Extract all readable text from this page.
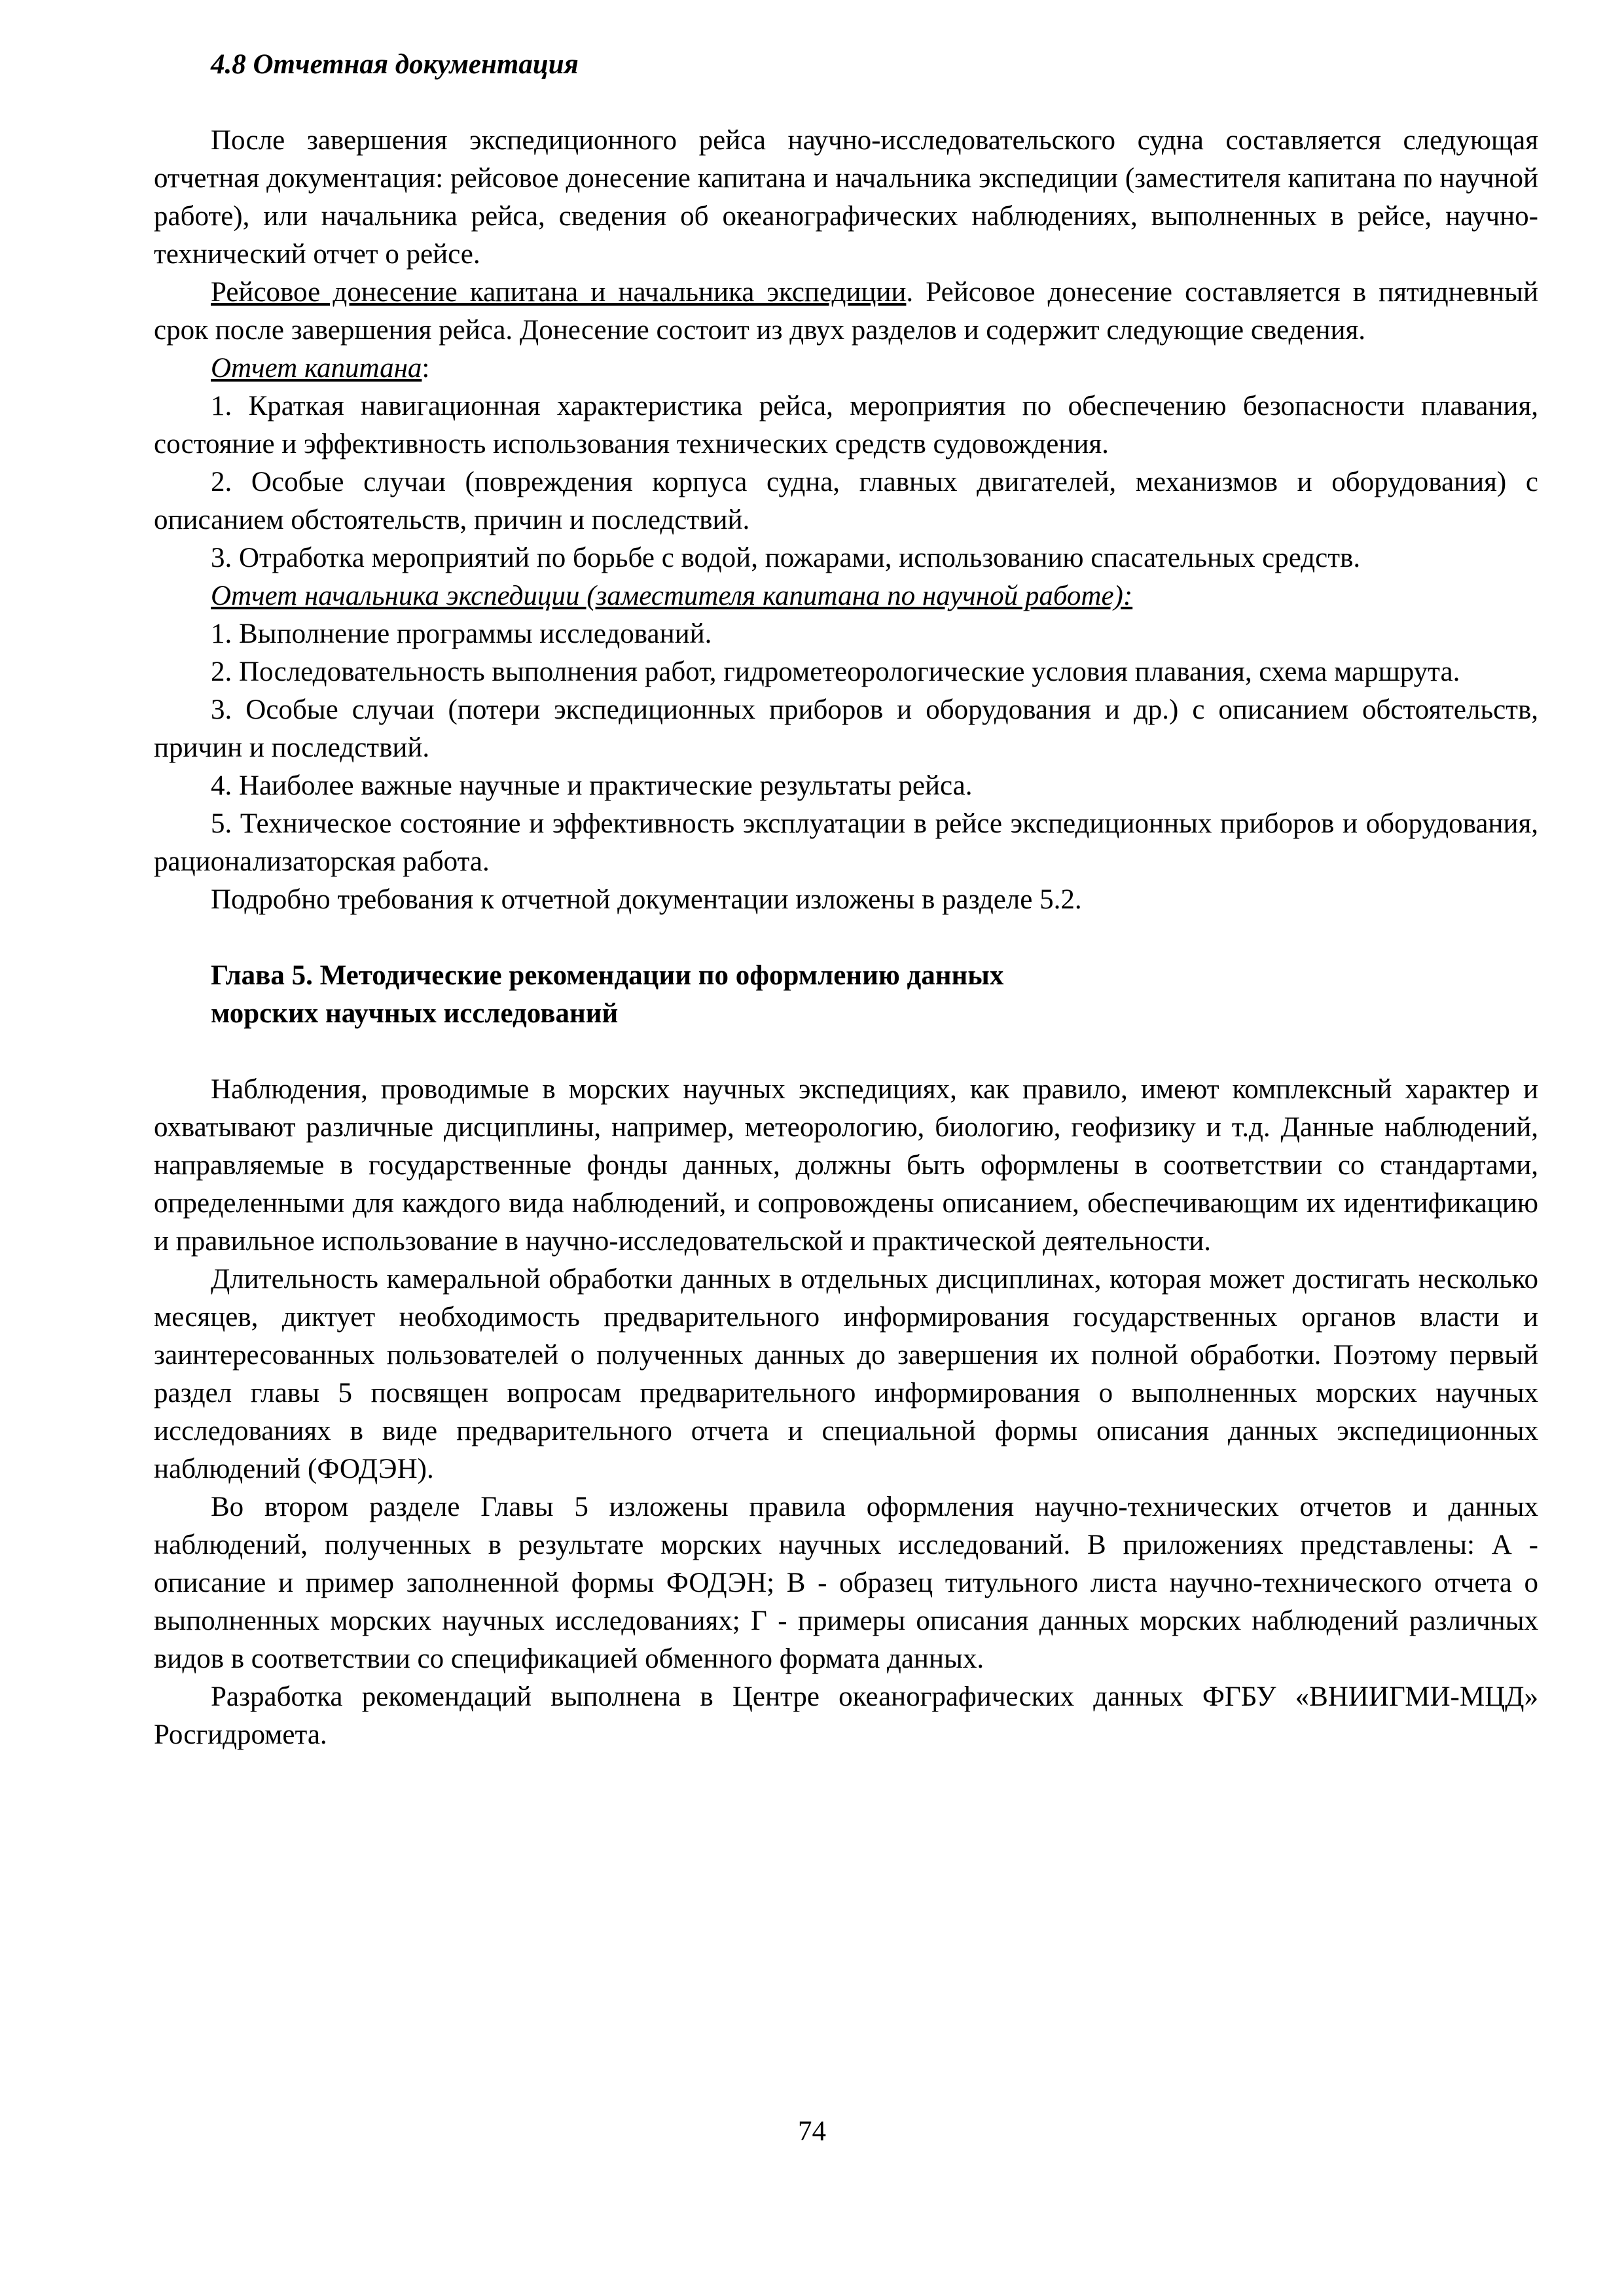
4.8 Отчетная документация

После завершения экспедиционного рейса научно-исследовательского судна составляется следующая отчетная документация: рейсовое донесение капитана и начальника экспедиции (заместителя капитана по научной работе), или начальника рейса, сведения об океанографических наблюдениях, выполненных в рейсе, научно-технический отчет о рейсе.

Рейсовое донесение капитана и начальника экспедиции. Рейсовое донесение составляется в пятидневный срок после завершения рейса. Донесение состоит из двух разделов и содержит следующие сведения.

Отчет капитана:

1. Краткая навигационная характеристика рейса, мероприятия по обеспечению безопасности плавания, состояние и эффективность использования технических средств судовождения.

2. Особые случаи (повреждения корпуса судна, главных двигателей, механизмов и оборудования) с описанием обстоятельств, причин и последствий.

3. Отработка мероприятий по борьбе с водой, пожарами, использованию спасательных средств.

Отчет начальника экспедиции (заместителя капитана по научной работе):

1. Выполнение программы исследований.

2. Последовательность выполнения работ, гидрометеорологические условия плавания, схема маршрута.

3. Особые случаи (потери экспедиционных приборов и оборудования и др.) с описанием обстоятельств, причин и последствий.

4. Наиболее важные научные и практические результаты рейса.

5. Техническое состояние и эффективность эксплуатации в рейсе экспедиционных приборов и оборудования, рационализаторская работа.

Подробно требования к отчетной документации изложены в разделе 5.2.

Глава 5. Методические рекомендации по оформлению данных
морских научных исследований

Наблюдения, проводимые в морских научных экспедициях, как правило, имеют комплексный характер и охватывают различные дисциплины, например, метеорологию, биологию, геофизику и т.д. Данные наблюдений, направляемые в государственные фонды данных, должны быть оформлены в соответствии со стандартами, определенными для каждого вида наблюдений, и сопровождены описанием, обеспечивающим их идентификацию и правильное использование в научно-исследовательской и практической деятельности.

Длительность камеральной обработки данных в отдельных дисциплинах, которая может достигать несколько месяцев, диктует необходимость предварительного информирования государственных органов власти и заинтересованных пользователей о полученных данных до завершения их полной обработки. Поэтому первый раздел главы 5 посвящен вопросам предварительного информирования о выполненных морских научных исследованиях в виде предварительного отчета и специальной формы описания данных экспедиционных наблюдений (ФОДЭН).

Во втором разделе Главы 5 изложены правила оформления научно-технических отчетов и данных наблюдений, полученных в результате морских научных исследований. В приложениях представлены: А - описание и пример заполненной формы ФОДЭН; В - образец титульного листа научно-технического отчета о выполненных морских научных исследованиях; Г - примеры описания данных морских наблюдений различных видов в соответствии со спецификацией обменного формата данных.

Разработка рекомендаций выполнена в Центре океанографических данных ФГБУ «ВНИИГМИ-МЦД» Росгидромета.

74
